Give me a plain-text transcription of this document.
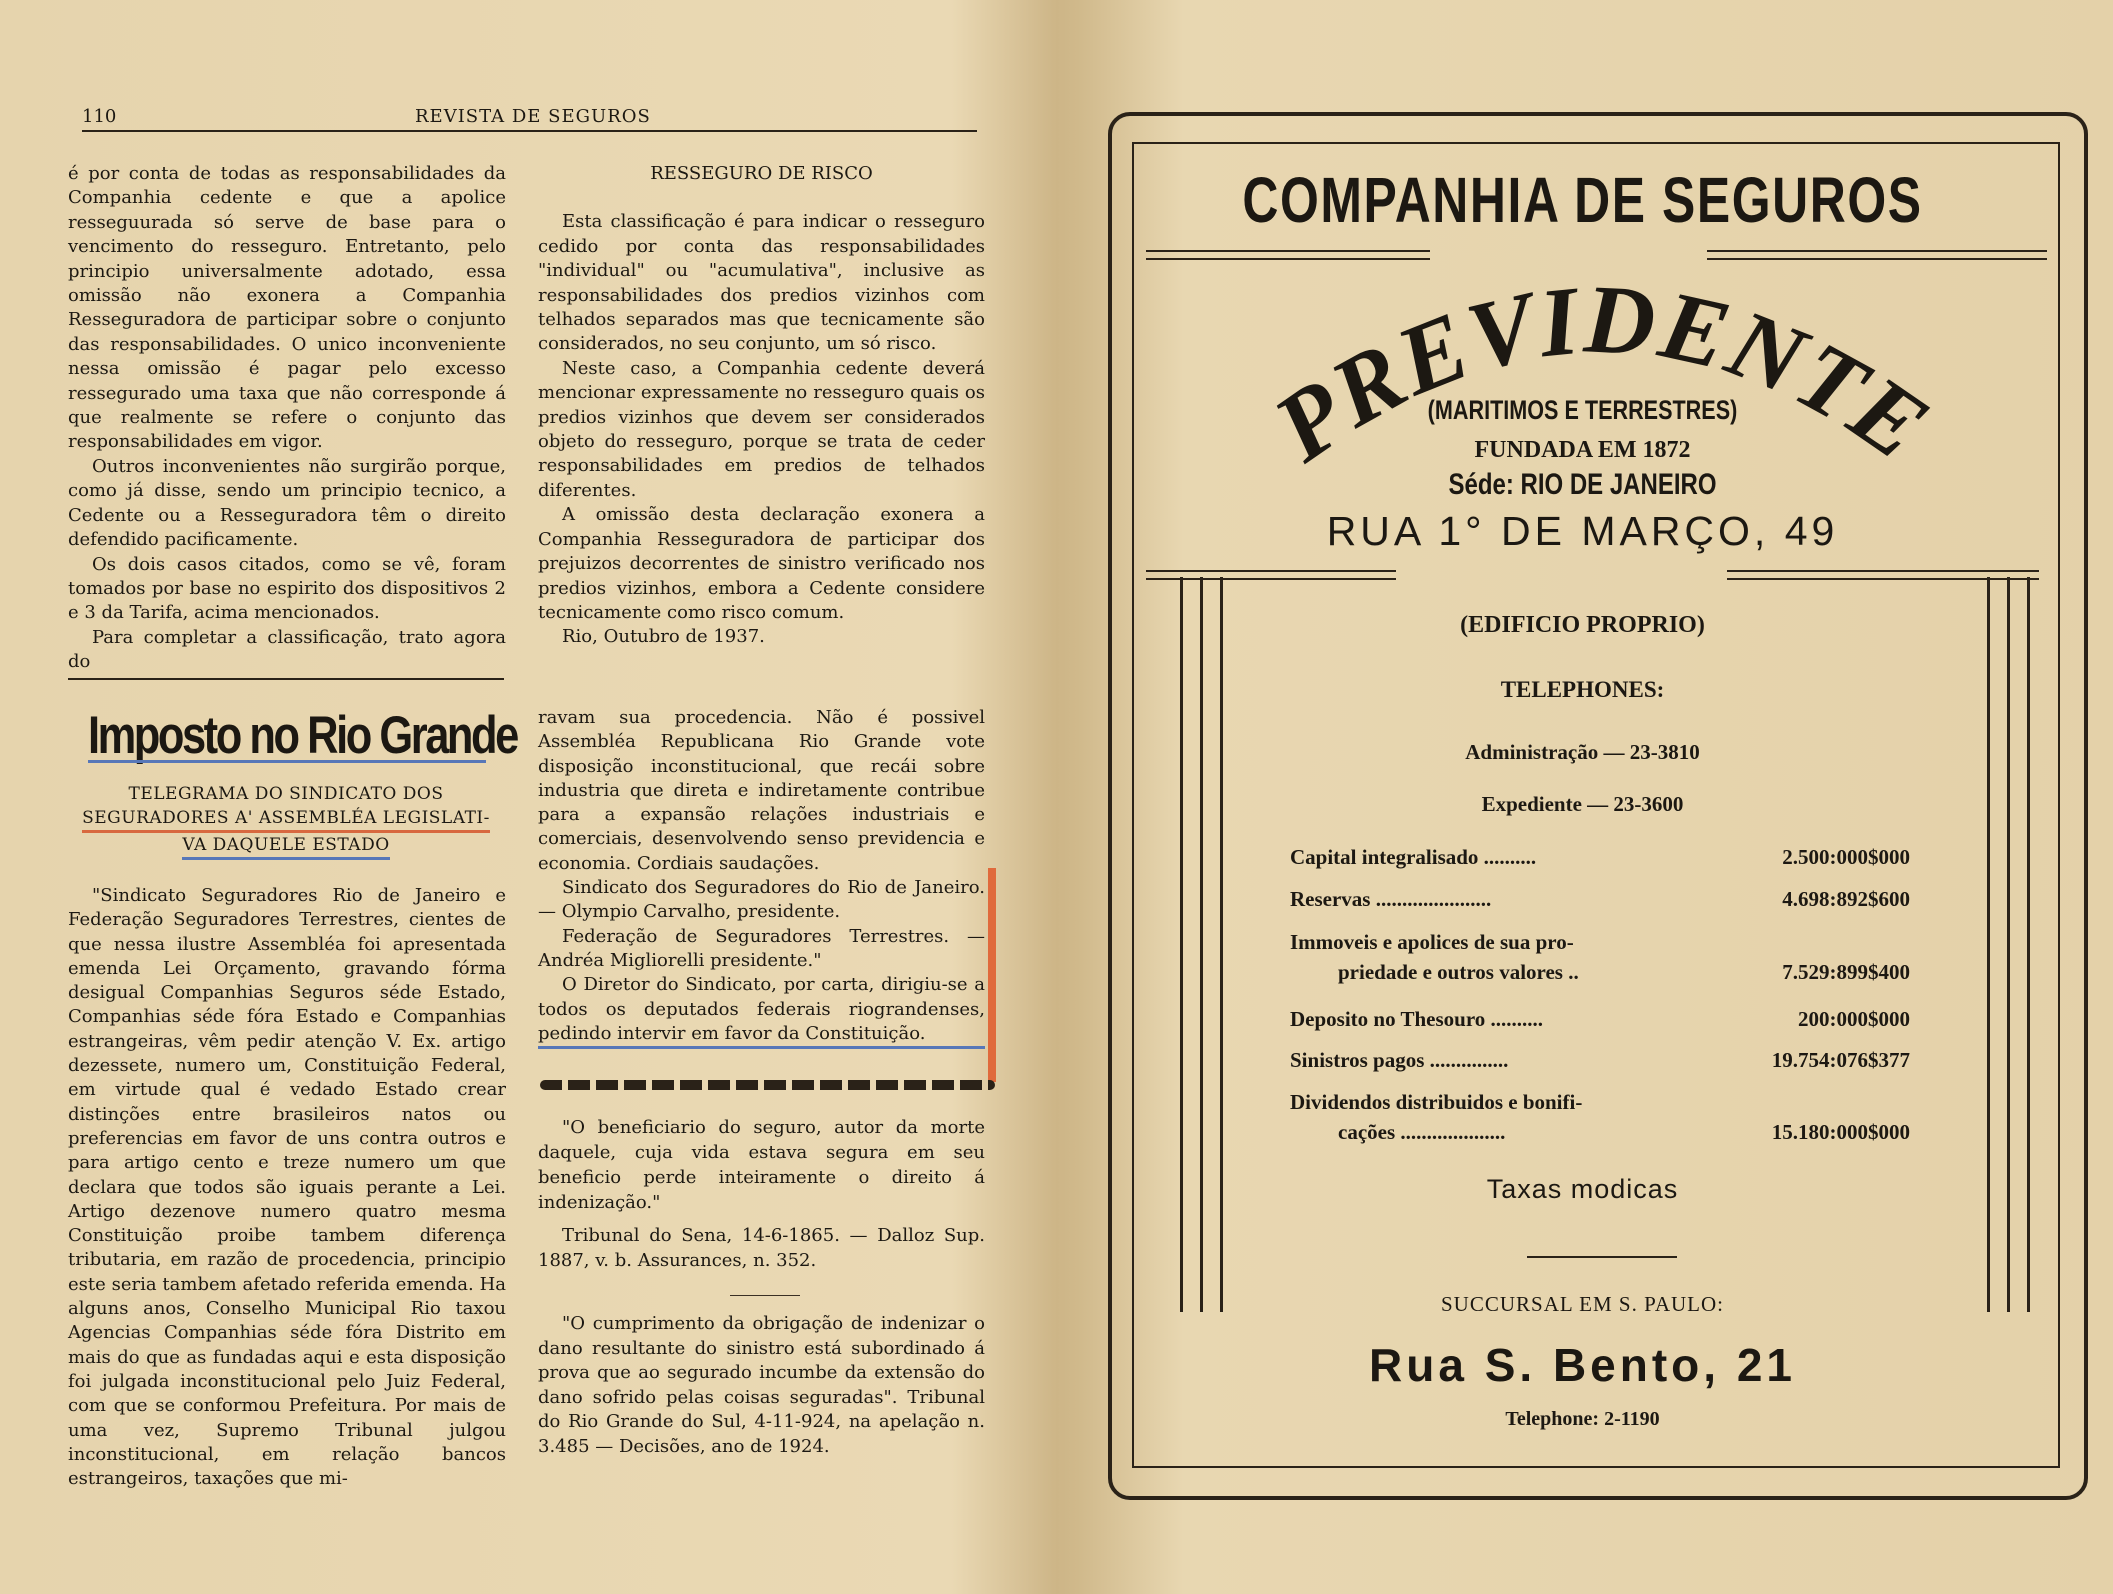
110	REVISTA DE SEGUROS

é por conta de todas as responsabilidades da Companhia cedente e que a apolice resseguurada só serve de base para o vencimento do resseguro. Entretanto, pelo principio universalmente adotado, essa omissão não exonera a Companhia Resseguradora de participar sobre o conjunto das responsabilidades. O unico inconveniente nessa omissão é pagar pelo excesso ressegurado uma taxa que não corresponde á que realmente se refere o conjunto das responsabilidades em vigor.

Outros inconvenientes não surgirão porque, como já disse, sendo um principio tecnico, a Cedente ou a Resseguradora têm o direito defendido pacificamente.

Os dois casos citados, como se vê, foram tomados por base no espirito dos dispositivos 2 e 3 da Tarifa, acima mencionados.

Para completar a classificação, trato agora do

RESSEGURO DE RISCO

Esta classificação é para indicar o resseguro cedido por conta das responsabilidades "individual" ou "acumulativa", inclusive as responsabilidades dos predios vizinhos com telhados separados mas que tecnicamente são considerados, no seu conjunto, um só risco.

Neste caso, a Companhia cedente deverá mencionar expressamente no resseguro quais os predios vizinhos que devem ser considerados objeto do resseguro, porque se trata de ceder responsabilidades em predios de telhados diferentes.

A omissão desta declaração exonera a Companhia Resseguradora de participar dos prejuizos decorrentes de sinistro verificado nos predios vizinhos, embora a Cedente considere tecnicamente como risco comum.

Rio, Outubro de 1937.

Imposto no Rio Grande
TELEGRAMA DO SINDICATO DOS
SEGURADORES A' ASSEMBLÉA LEGISLATI- VA DAQUELE ESTADO
"Sindicato Seguradores Rio de Janeiro e Federação Seguradores Terrestres, cientes de que nessa ilustre Assembléa foi apresentada emenda Lei Orçamento, gravando fórma desigual Companhias Seguros séde Estado, Companhias séde fóra Estado e Companhias estrangeiras, vêm pedir atenção V. Ex. artigo dezessete, numero um, Constituição Federal, em virtude qual é vedado Estado crear distinções entre brasileiros natos ou preferencias em favor de uns contra outros e para artigo cento e treze numero um que declara que todos são iguais perante a Lei. Artigo dezenove numero quatro mesma Constituição proibe tambem diferença tributaria, em razão de procedencia, principio este seria tambem afetado referida emenda. Ha alguns anos, Conselho Municipal Rio taxou Agencias Companhias séde fóra Distrito em mais do que as fundadas aqui e esta disposição foi julgada inconstitucional pelo Juiz Federal, com que se conformou Prefeitura. Por mais de uma vez, Supremo Tribunal julgou inconstitucional, em relação bancos estrangeiros, taxações que mi-

ravam sua procedencia. Não é possivel Assembléa Republicana Rio Grande vote disposição inconstitucional, que recái sobre industria que direta e indiretamente contribue para a expansão relações industriais e comerciais, desenvolvendo senso previdencia e economia. Cordiais saudações.

Sindicato dos Seguradores do Rio de Janeiro. — Olympio Carvalho, presidente.

Federação de Seguradores Terrestres. — Andréa Migliorelli presidente."

O Diretor do Sindicato, por carta, dirigiu-se a todos os deputados federais riograndenses, pedindo intervir em favor da Constituição.

"O beneficiario do seguro, autor da morte daquele, cuja vida estava segura em seu beneficio perde inteiramente o direito á indenização."

Tribunal do Sena, 14-6-1865. — Dalloz Sup. 1887, v. b. Assurances, n. 352.

"O cumprimento da obrigação de indenizar o dano resultante do sinistro está subordinado á prova que ao segurado incumbe da extensão do dano sofrido pelas coisas seguradas". Tribunal do Rio Grande do Sul, 4-11-924, na apelação n. 3.485 — Decisões, ano de 1924.
COMPANHIA DE SEGUROS
PREVIDENTE
(MARITIMOS E TERRESTRES)
FUNDADA EM 1872
Séde: RIO DE JANEIRO
RUA 1° DE MARÇO, 49
(EDIFICIO PROPRIO)
TELEPHONES:
Administração — 23-3810
Expediente — 23-3600
Capital integralisado ..........	2.500:000$000
Reservas ......................	4.698:892$600
Immoveis e apolices de sua pro-
priedade e outros valores ..	7.529:899$400
Deposito no Thesouro ..........	200:000$000
Sinistros pagos ...............	19.754:076$377
Dividendos distribuidos e bonifi-
cações ....................	15.180:000$000
Taxas modicas
SUCCURSAL EM S. PAULO:
Rua S. Bento, 21
Telephone: 2-1190
